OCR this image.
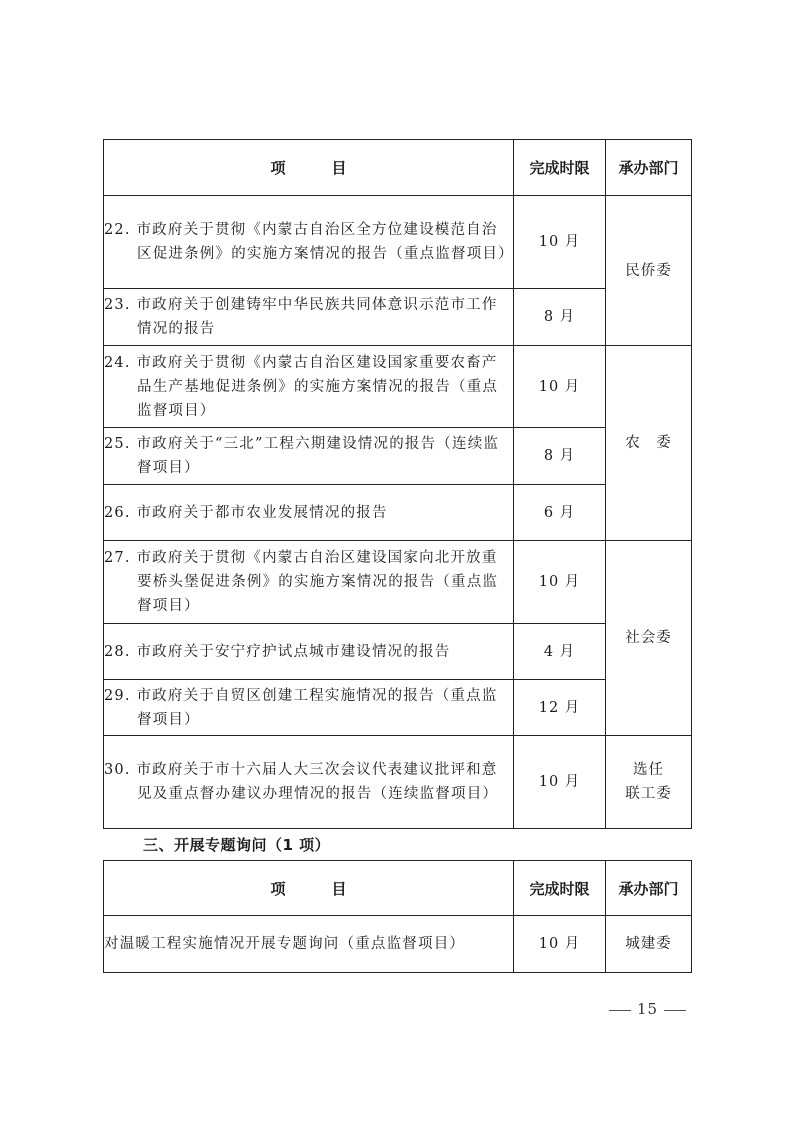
项 目	完成时限	承办部门

22. 市政府关于贯彻《内蒙古自治区全方位建设模范自治区促进条例》的实施方案情况的报告（重点监督项目）	10 月	民侨委

23. 市政府关于创建铸牢中华民族共同体意识示范市工作情况的报告	8 月	

24. 市政府关于贯彻《内蒙古自治区建设国家重要农畜产品生产基地促进条例》的实施方案情况的报告（重点监督项目）	10 月	农　委

25. 市政府关于“三北”工程六期建设情况的报告（连续监督项目）	8 月	

26. 市政府关于都市农业发展情况的报告	6 月	

27. 市政府关于贯彻《内蒙古自治区建设国家向北开放重要桥头堡促进条例》的实施方案情况的报告（重点监督项目）	10 月	社会委

28. 市政府关于安宁疗护试点城市建设情况的报告	4 月	

29. 市政府关于自贸区创建工程实施情况的报告（重点监督项目）	12 月	

30. 市政府关于市十六届人大三次会议代表建议批评和意见及重点督办建议办理情况的报告（连续监督项目）	10 月	选任
联工委
三、开展专题询问（1 项）
项 目	完成时限	承办部门
对温暖工程实施情况开展专题询问（重点监督项目）	10 月	城建委
15
